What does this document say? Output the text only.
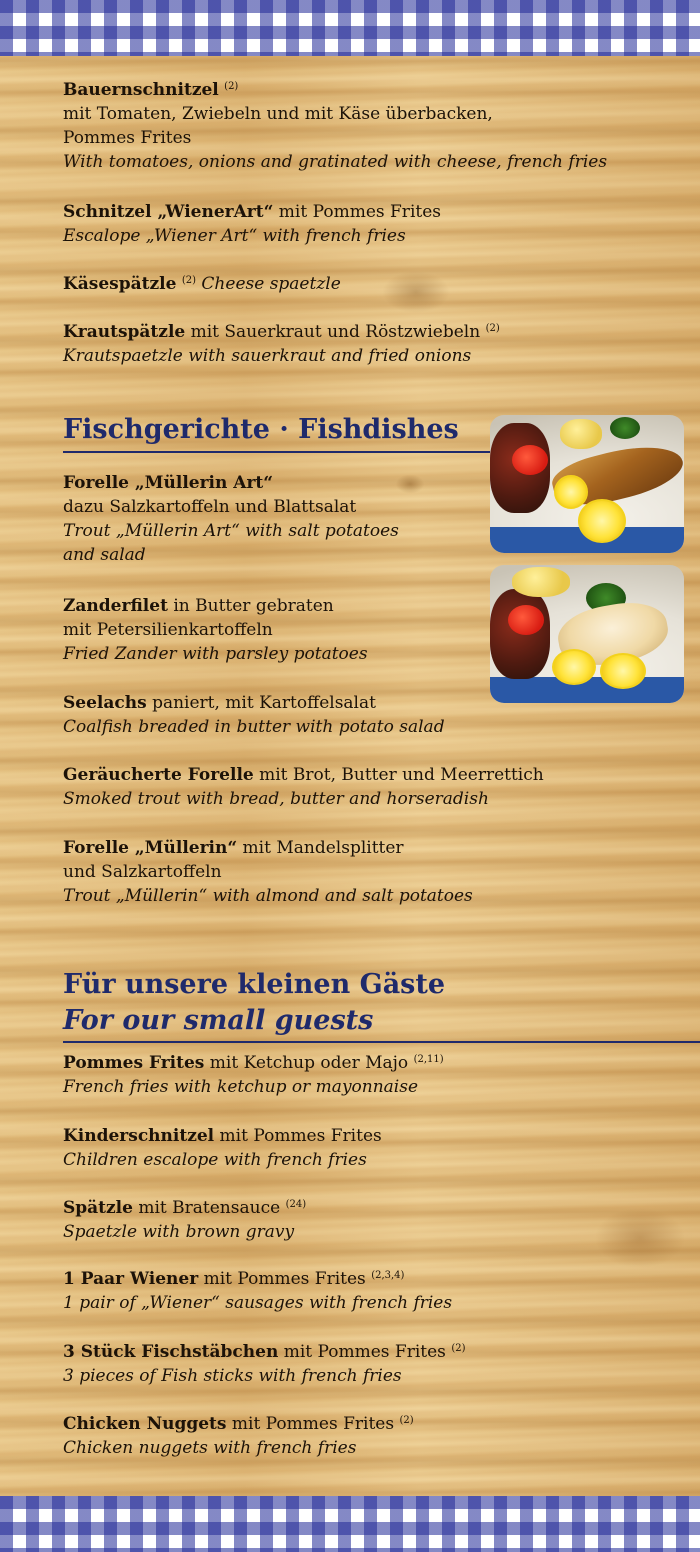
Bauernschnitzel $^{(2)}$
mit Tomaten, Zwiebeln und mit Käse überbacken,
Pommes Frites
With tomatoes, onions and gratinated with cheese, french fries
Schnitzel „WienerArt“ mit Pommes Frites
Escalope „Wiener Art“ with french fries
Käsespätzle $^{(2)}$ Cheese spaetzle
Krautspätzle mit Sauerkraut und Röstzwiebeln $^{(2)}$
Krautspaetzle with sauerkraut and fried onions
Fischgerichte · Fishdishes
Forelle „Müllerin Art“
dazu Salzkartoffeln und Blattsalat
Trout „Müllerin Art“ with salt potatoes
and salad
Zanderfilet in Butter gebraten
mit Petersilienkartoffeln
Fried Zander with parsley potatoes
Seelachs paniert, mit Kartoffelsalat
Coalfish breaded in butter with potato salad
Geräucherte Forelle mit Brot, Butter und Meerrettich
Smoked trout with bread, butter and horseradish
Forelle „Müllerin“ mit Mandelsplitter
und Salzkartoffeln
Trout „Müllerin“ with almond and salt potatoes
Für unsere kleinen Gäste
For our small guests
Pommes Frites mit Ketchup oder Majo $^{(2,11)}$
French fries with ketchup or mayonnaise
Kinderschnitzel mit Pommes Frites
Children escalope with french fries
Spätzle mit Bratensauce $^{(24)}$
Spaetzle with brown gravy
1 Paar Wiener mit Pommes Frites $^{(2,3,4)}$
1 pair of „Wiener“ sausages with french fries
3 Stück Fischstäbchen mit Pommes Frites $^{(2)}$
3 pieces of Fish sticks with french fries
Chicken Nuggets mit Pommes Frites $^{(2)}$
Chicken nuggets with french fries
